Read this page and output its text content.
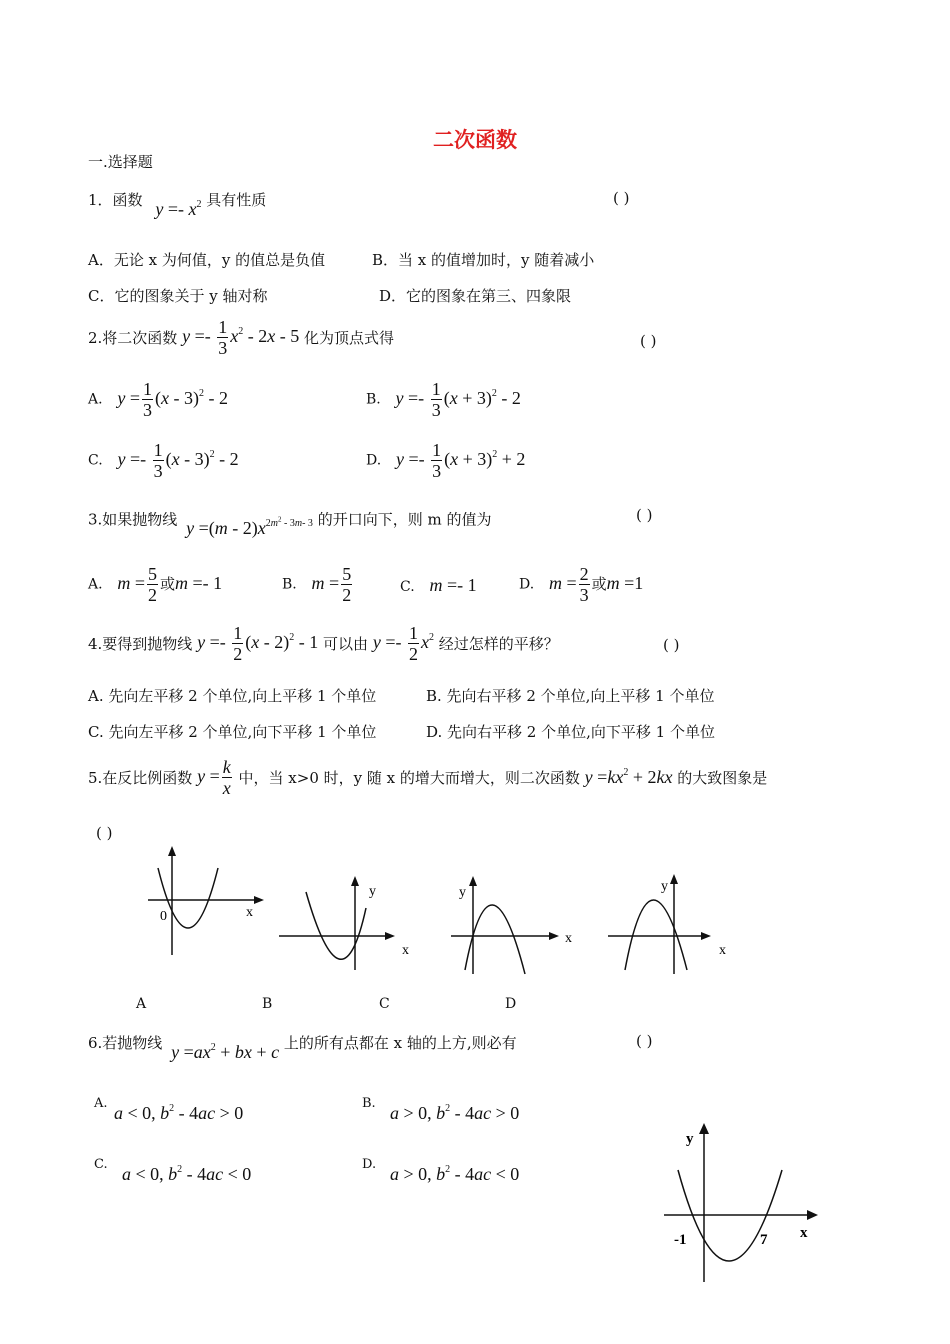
二次函数
一.选择题
1．函数 $y =- x^2$ 具有性质	( )
A．无论 x 为何值，y 的值总是负值	B．当 x 的值增加时，y 随着减小
C．它的图象关于 y 轴对称	D．它的图象在第三、四象限
2.将二次函数 $y =- \frac{1}{3} x^2 - 2x - 5$ 化为顶点式得	( )
A. $y = \frac{1}{3} (x - 3)^2 - 2$	B. $y =- \frac{1}{3} (x + 3)^2 - 2$
C. $y =- \frac{1}{3} (x - 3)^2 - 2$	D. $y =- \frac{1}{3} (x + 3)^2 + 2$
3.如果抛物线 $y =(m - 2)x^{2m^2 - 3m- 3}$ 的开口向下，则 m 的值为	( )
A. $m = \frac{5}{2}$ 或m =- 1	B. $m = \frac{5}{2}$	C. m =- 1	D. $m = \frac{2}{3}$ 或m =1
4.要得到抛物线 $y =- \frac{1}{2} (x - 2)^2 - 1$ 可以由 $y =- \frac{1}{2} x^2$ 经过怎样的平移？	( )
A. 先向左平移 2 个单位,向上平移 1 个单位	B. 先向右平移 2 个单位,向上平移 1 个单位
C. 先向左平移 2 个单位,向下平移 1 个单位	D. 先向右平移 2 个单位,向下平移 1 个单位
5.在反比例函数 $y = \frac{k}{x}$ 中，当 x>0 时，y 随 x 的增大而增大，则二次函数 $y =kx^2 + 2kx$ 的大致图象是
( )
0	x
y
x
y
x
y
x
A	B	C	D
6.若抛物线 $y =ax^2$ + bx + c 上的所有点都在 x 轴的上方,则必有	( )
A. a < 0, $b^2 - 4ac > 0$	B. a > 0, $b^2 - 4ac > 0$
C. a < 0, $b^2 - 4ac < 0$	D. a > 0, $b^2 - 4ac < 0$
y
x
-1	7
